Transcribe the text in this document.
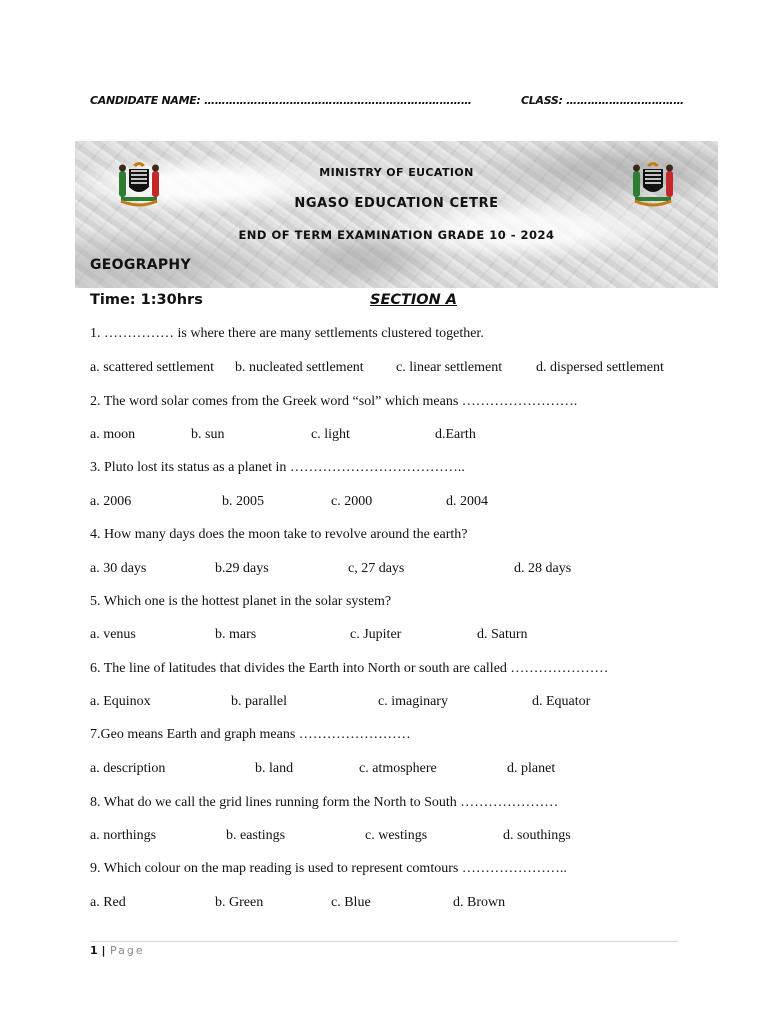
CANDIDATE NAME: …………………………………………………………………	CLASS: ……………………………
MINISTRY OF EUCATION
NGASO EDUCATION CETRE
END OF TERM EXAMINATION GRADE 10 - 2024
GEOGRAPHY
Time: 1:30hrs	SECTION A
1. …………… is where there are many settlements clustered together.
a. scattered settlement b. nucleated settlement c. linear settlement d. dispersed settlement
2. The word solar comes from the Greek word “sol” which means …………………….
a. moon	b. sun	c. light	d.Earth
3. Pluto lost its status as a planet in ………………………………..
a. 2006	b. 2005	c. 2000	d. 2004
4. How many days does the moon take to revolve around the earth?
a. 30 days	b.29 days	c, 27 days	d. 28 days
5. Which one is the hottest planet in the solar system?
a. venus	b. mars	c. Jupiter	d. Saturn
6. The line of latitudes that divides the Earth into North or south are called …………………
a. Equinox	b. parallel	c. imaginary	d. Equator
7.Geo means Earth and graph means ……………………
a. description	b. land	c. atmosphere	d. planet
8. What do we call the grid lines running form the North to South …………………
a. northings	b. eastings	c. westings	d. southings
9. Which colour on the map reading is used to represent comtours …………………..
a. Red	b. Green	c. Blue	d. Brown
1 | Page
